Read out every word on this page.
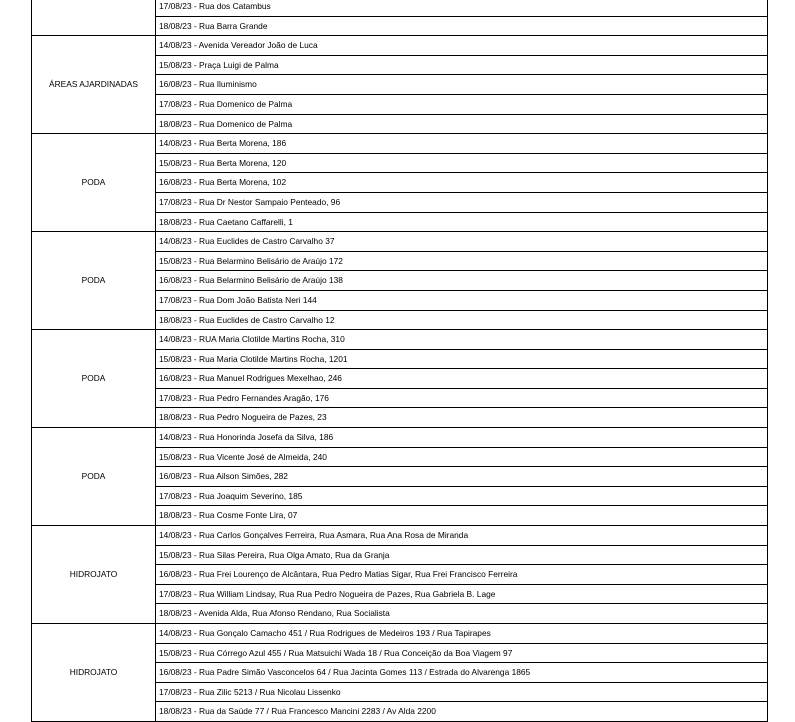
	17/08/23 - Rua dos Catambus
	18/08/23 - Rua Barra Grande
ÁREAS AJARDINADAS	14/08/23 - Avenida Vereador João de Luca
	15/08/23 - Praça Luigi de Palma
	16/08/23 - Rua Iluminismo
	17/08/23 - Rua Domenico de Palma
	18/08/23 - Rua Domenico de Palma
PODA	14/08/23 - Rua Berta Morena, 186
	15/08/23 - Rua Berta Morena, 120
	16/08/23 - Rua Berta Morena, 102
	17/08/23 - Rua Dr Nestor Sampaio Penteado, 96
	18/08/23 - Rua Caetano Caffarelli, 1
PODA	14/08/23 - Rua Euclides de Castro Carvalho 37
	15/08/23 - Rua Belarmino Belisário de Araújo 172
	16/08/23 - Rua Belarmino Belisário de Araújo 138
	17/08/23 - Rua Dom João Batista Neri 144
	18/08/23 - Rua Euclides de Castro Carvalho 12
PODA	14/08/23 - RUA Maria Clotilde Martins Rocha, 310
	15/08/23 - Rua Maria Clotilde Martins Rocha, 1201
	16/08/23 - Rua Manuel Rodrigues Mexelhao, 246
	17/08/23 - Rua Pedro Fernandes Aragão, 176
	18/08/23 - Rua Pedro Nogueira de Pazes, 23
PODA	14/08/23 - Rua Honorinda Josefa da Silva, 186
	15/08/23 - Rua Vicente José de Almeida, 240
	16/08/23 - Rua Ailson Simões, 282
	17/08/23 - Rua Joaquim Severino, 185
	18/08/23 - Rua Cosme Fonte Lira, 07
HIDROJATO	14/08/23 - Rua Carlos Gonçalves Ferreira, Rua Asmara, Rua Ana Rosa de Miranda
	15/08/23 - Rua Silas Pereira, Rua Olga Amato, Rua da Granja
	16/08/23 - Rua Frei Lourenço de Alcântara, Rua Pedro Matias Sigar, Rua Frei Francisco Ferreira
	17/08/23 - Rua William Lindsay, Rua Rua Pedro Nogueira de Pazes, Rua Gabriela B. Lage
	18/08/23 - Avenida Alda, Rua Afonso Rendano, Rua Socialista
HIDROJATO	14/08/23 - Rua Gonçalo Camacho 451 / Rua Rodrigues de Medeiros 193 / Rua Tapirapes
	15/08/23 - Rua Córrego Azul 455 / Rua Matsuichi Wada 18 / Rua Conceição da Boa Viagem 97
	16/08/23 - Rua Padre Simão Vasconcelos 64 / Rua Jacinta Gomes 113 / Estrada do Alvarenga 1865
	17/08/23 - Rua Zilic 5213 / Rua Nicolau Lissenko
	18/08/23 - Rua da Saúde 77 / Rua Francesco Mancini 2283 / Av Alda 2200
